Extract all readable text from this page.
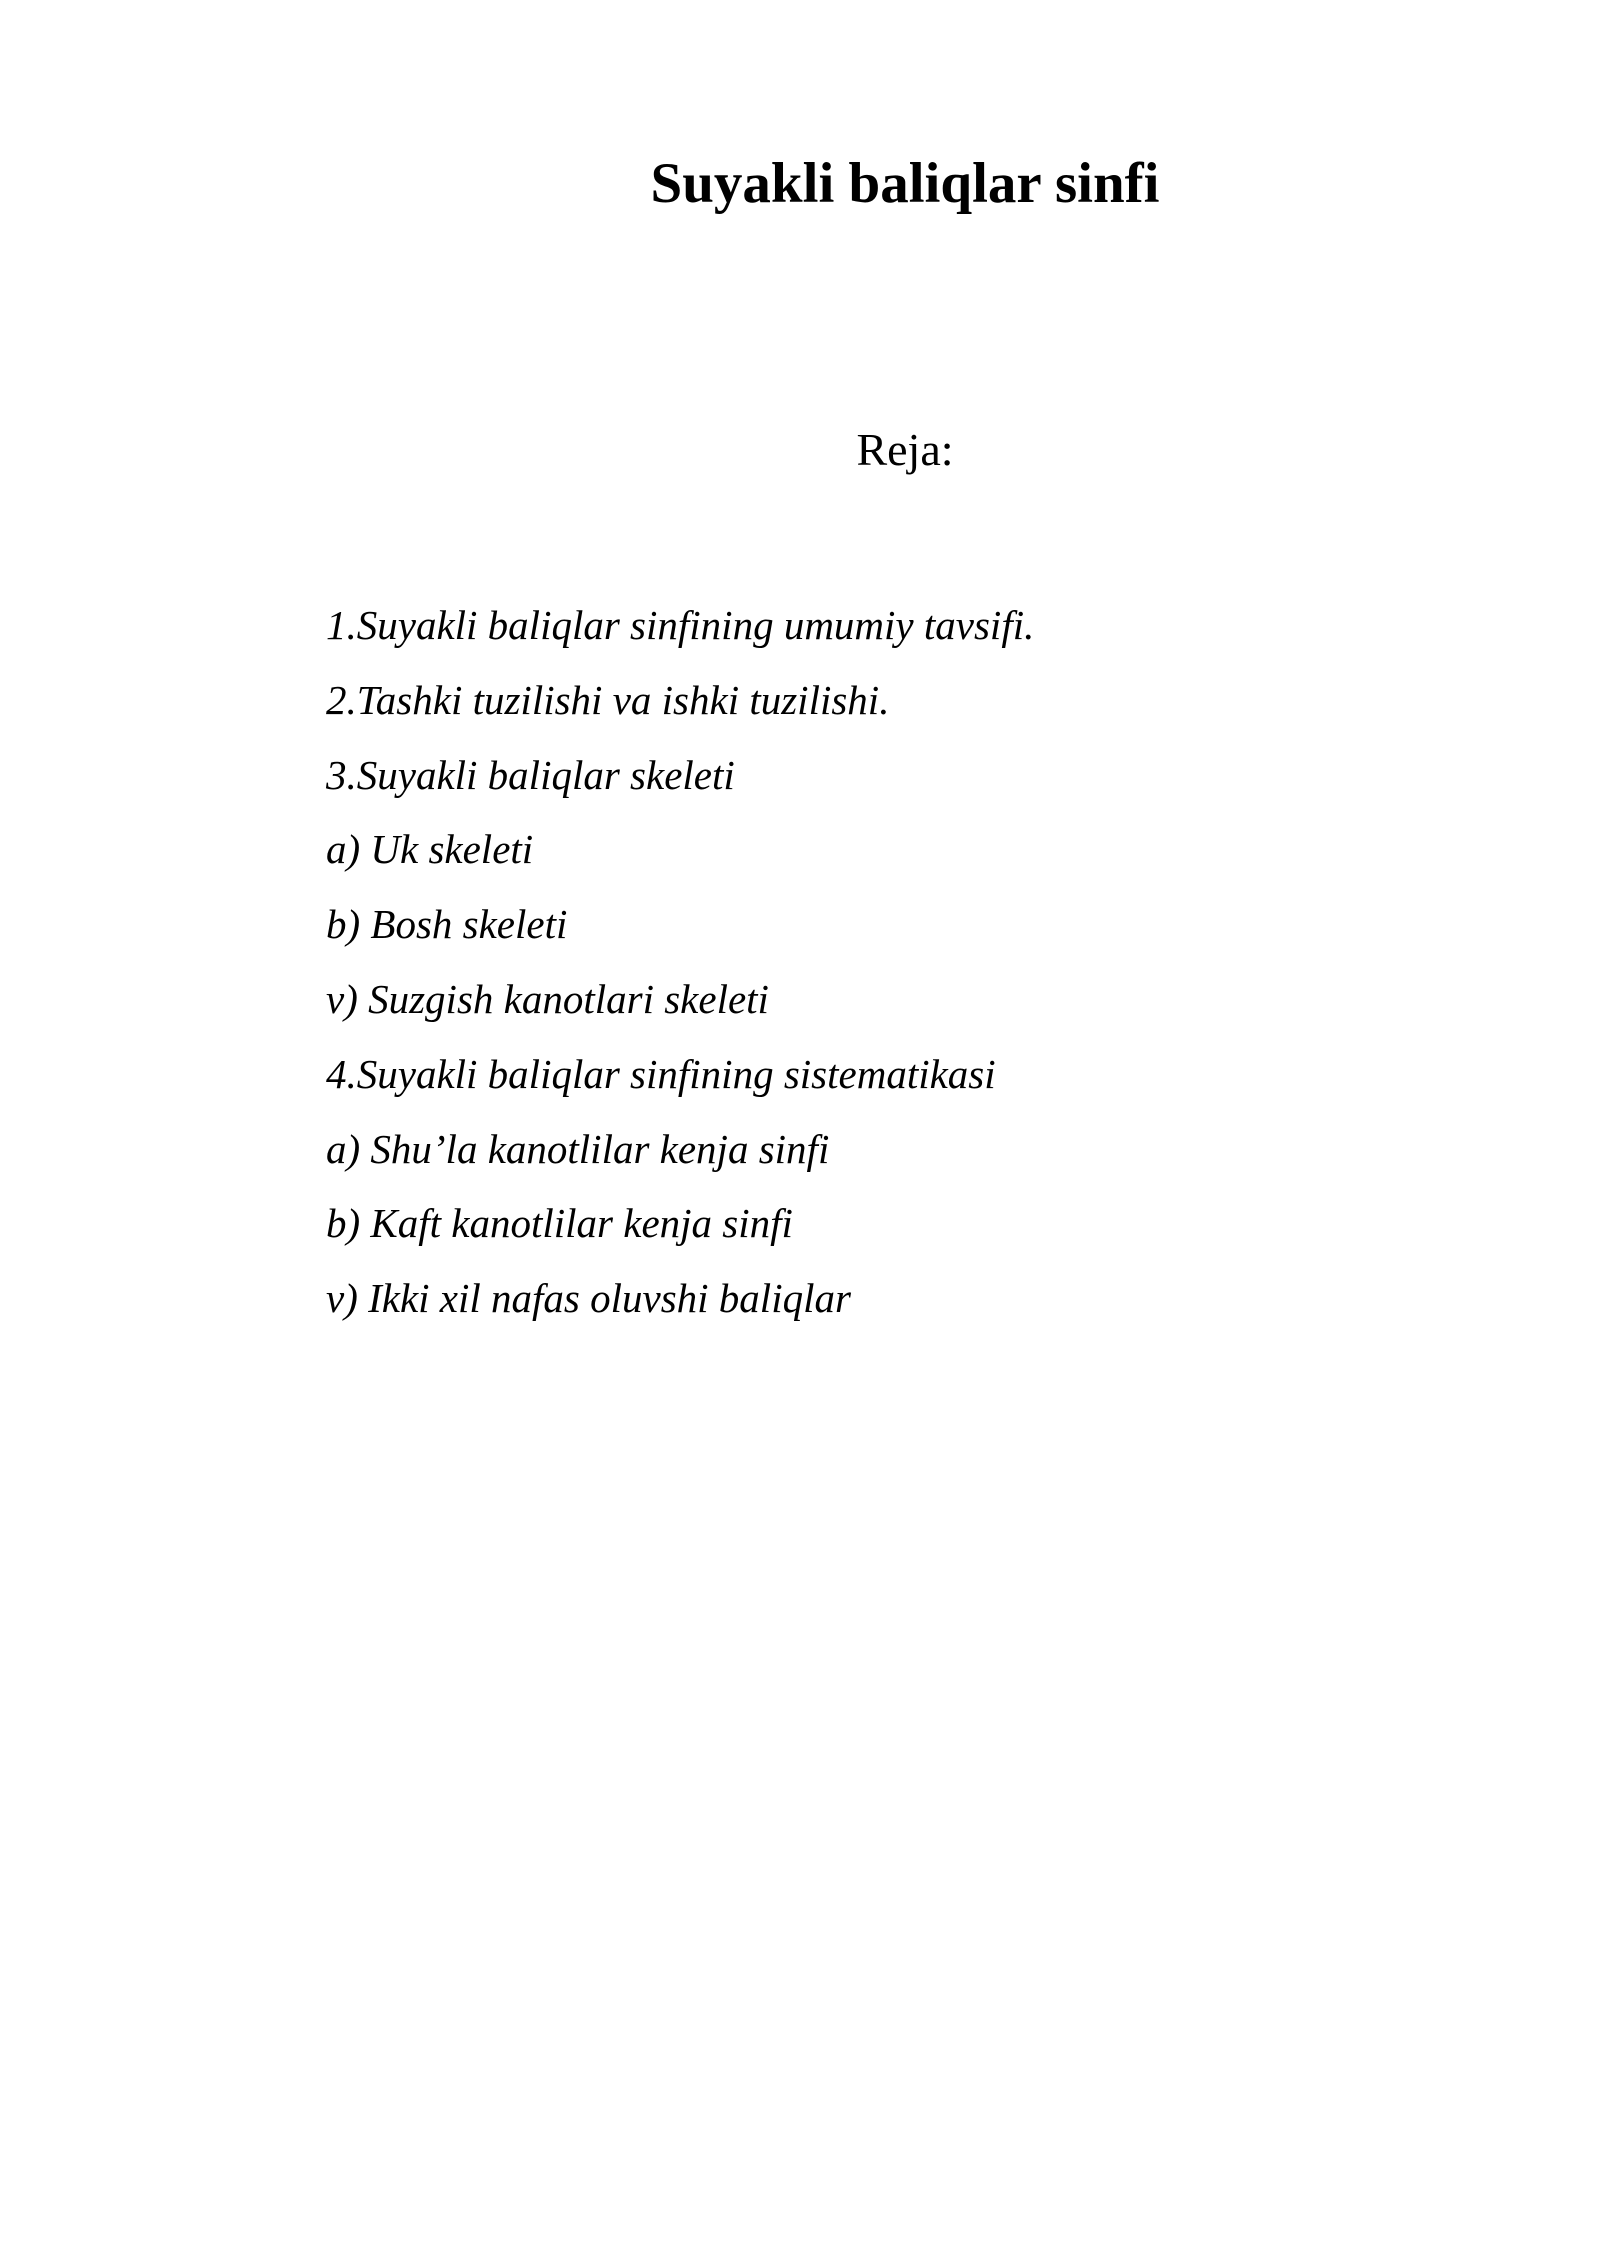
Suyakli baliqlar sinfi
Reja:
1.Suyakli baliqlar sinfining umumiy tavsifi.
2.Tashki tuzilishi va ishki tuzilishi.
3.Suyakli baliqlar skeleti
a) Uk skeleti
b) Bosh skeleti
v) Suzgish kanotlari skeleti
4.Suyakli baliqlar sinfining sistematikasi
a) Shu’la kanotlilar kenja sinfi
b) Kaft kanotlilar kenja sinfi
v) Ikki xil nafas oluvshi baliqlar
